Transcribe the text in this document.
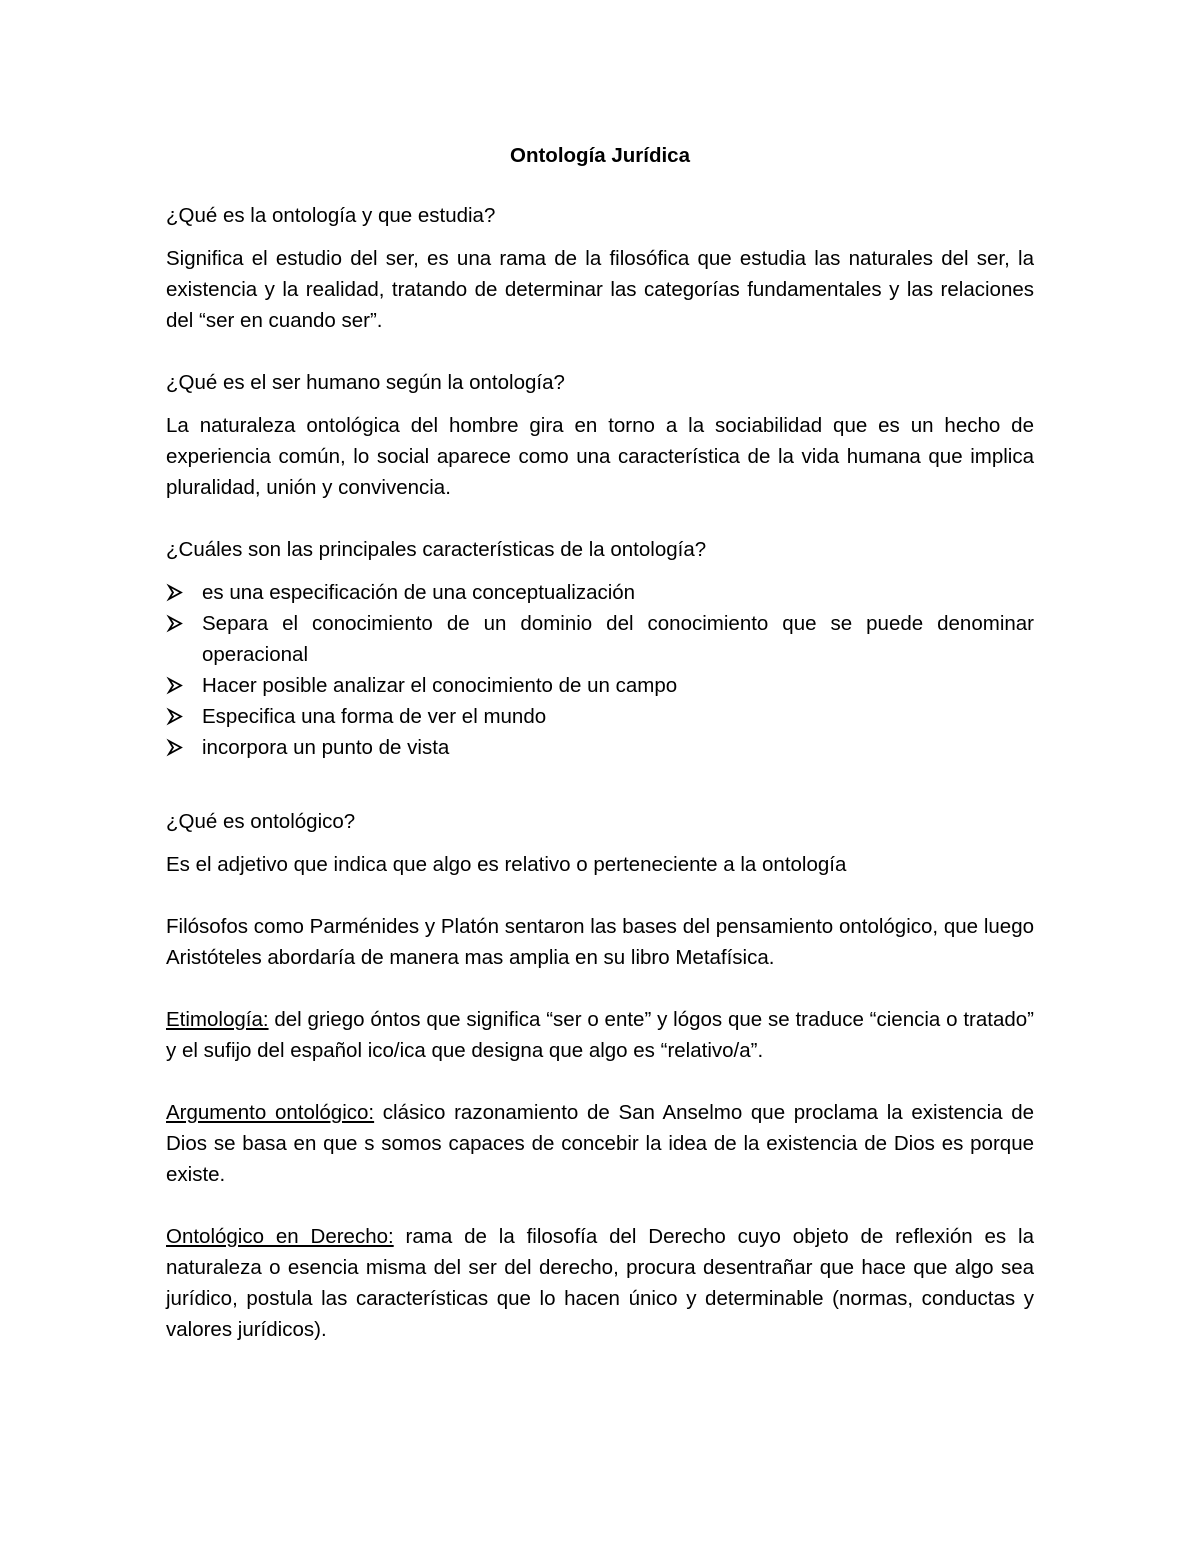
Ontología Jurídica
¿Qué es la ontología y que estudia?
Significa el estudio del ser, es una rama de la filosófica que estudia las naturales del ser, la existencia y la realidad, tratando de determinar las categorías fundamentales y las relaciones del “ser en cuando ser”.
¿Qué es el ser humano según la ontología?
La naturaleza ontológica del hombre gira en torno a la sociabilidad que es un hecho de experiencia común, lo social aparece como una característica de la vida humana que implica pluralidad, unión y convivencia.
¿Cuáles son las principales características de la ontología?
es una especificación de una conceptualización
Separa el conocimiento de un dominio del conocimiento que se puede denominar operacional
Hacer posible analizar el conocimiento de un campo
Especifica una forma de ver el mundo
incorpora un punto de vista
¿Qué es ontológico?
Es el adjetivo que indica que algo es relativo o perteneciente a la ontología
Filósofos como Parménides y Platón sentaron las bases del pensamiento ontológico, que luego Aristóteles abordaría de manera mas amplia en su libro Metafísica.
Etimología: del griego óntos que significa “ser o ente” y lógos que se traduce “ciencia o tratado” y el sufijo del español ico/ica que designa que algo es “relativo/a”.
Argumento ontológico: clásico razonamiento de San Anselmo que proclama la existencia de Dios se basa en que s somos capaces de concebir la idea de la existencia de Dios es porque existe.
Ontológico en Derecho: rama de la filosofía del Derecho cuyo objeto de reflexión es la naturaleza o esencia misma del ser del derecho, procura desentrañar que hace que algo sea jurídico, postula las características que lo hacen único y determinable (normas, conductas y valores jurídicos).
